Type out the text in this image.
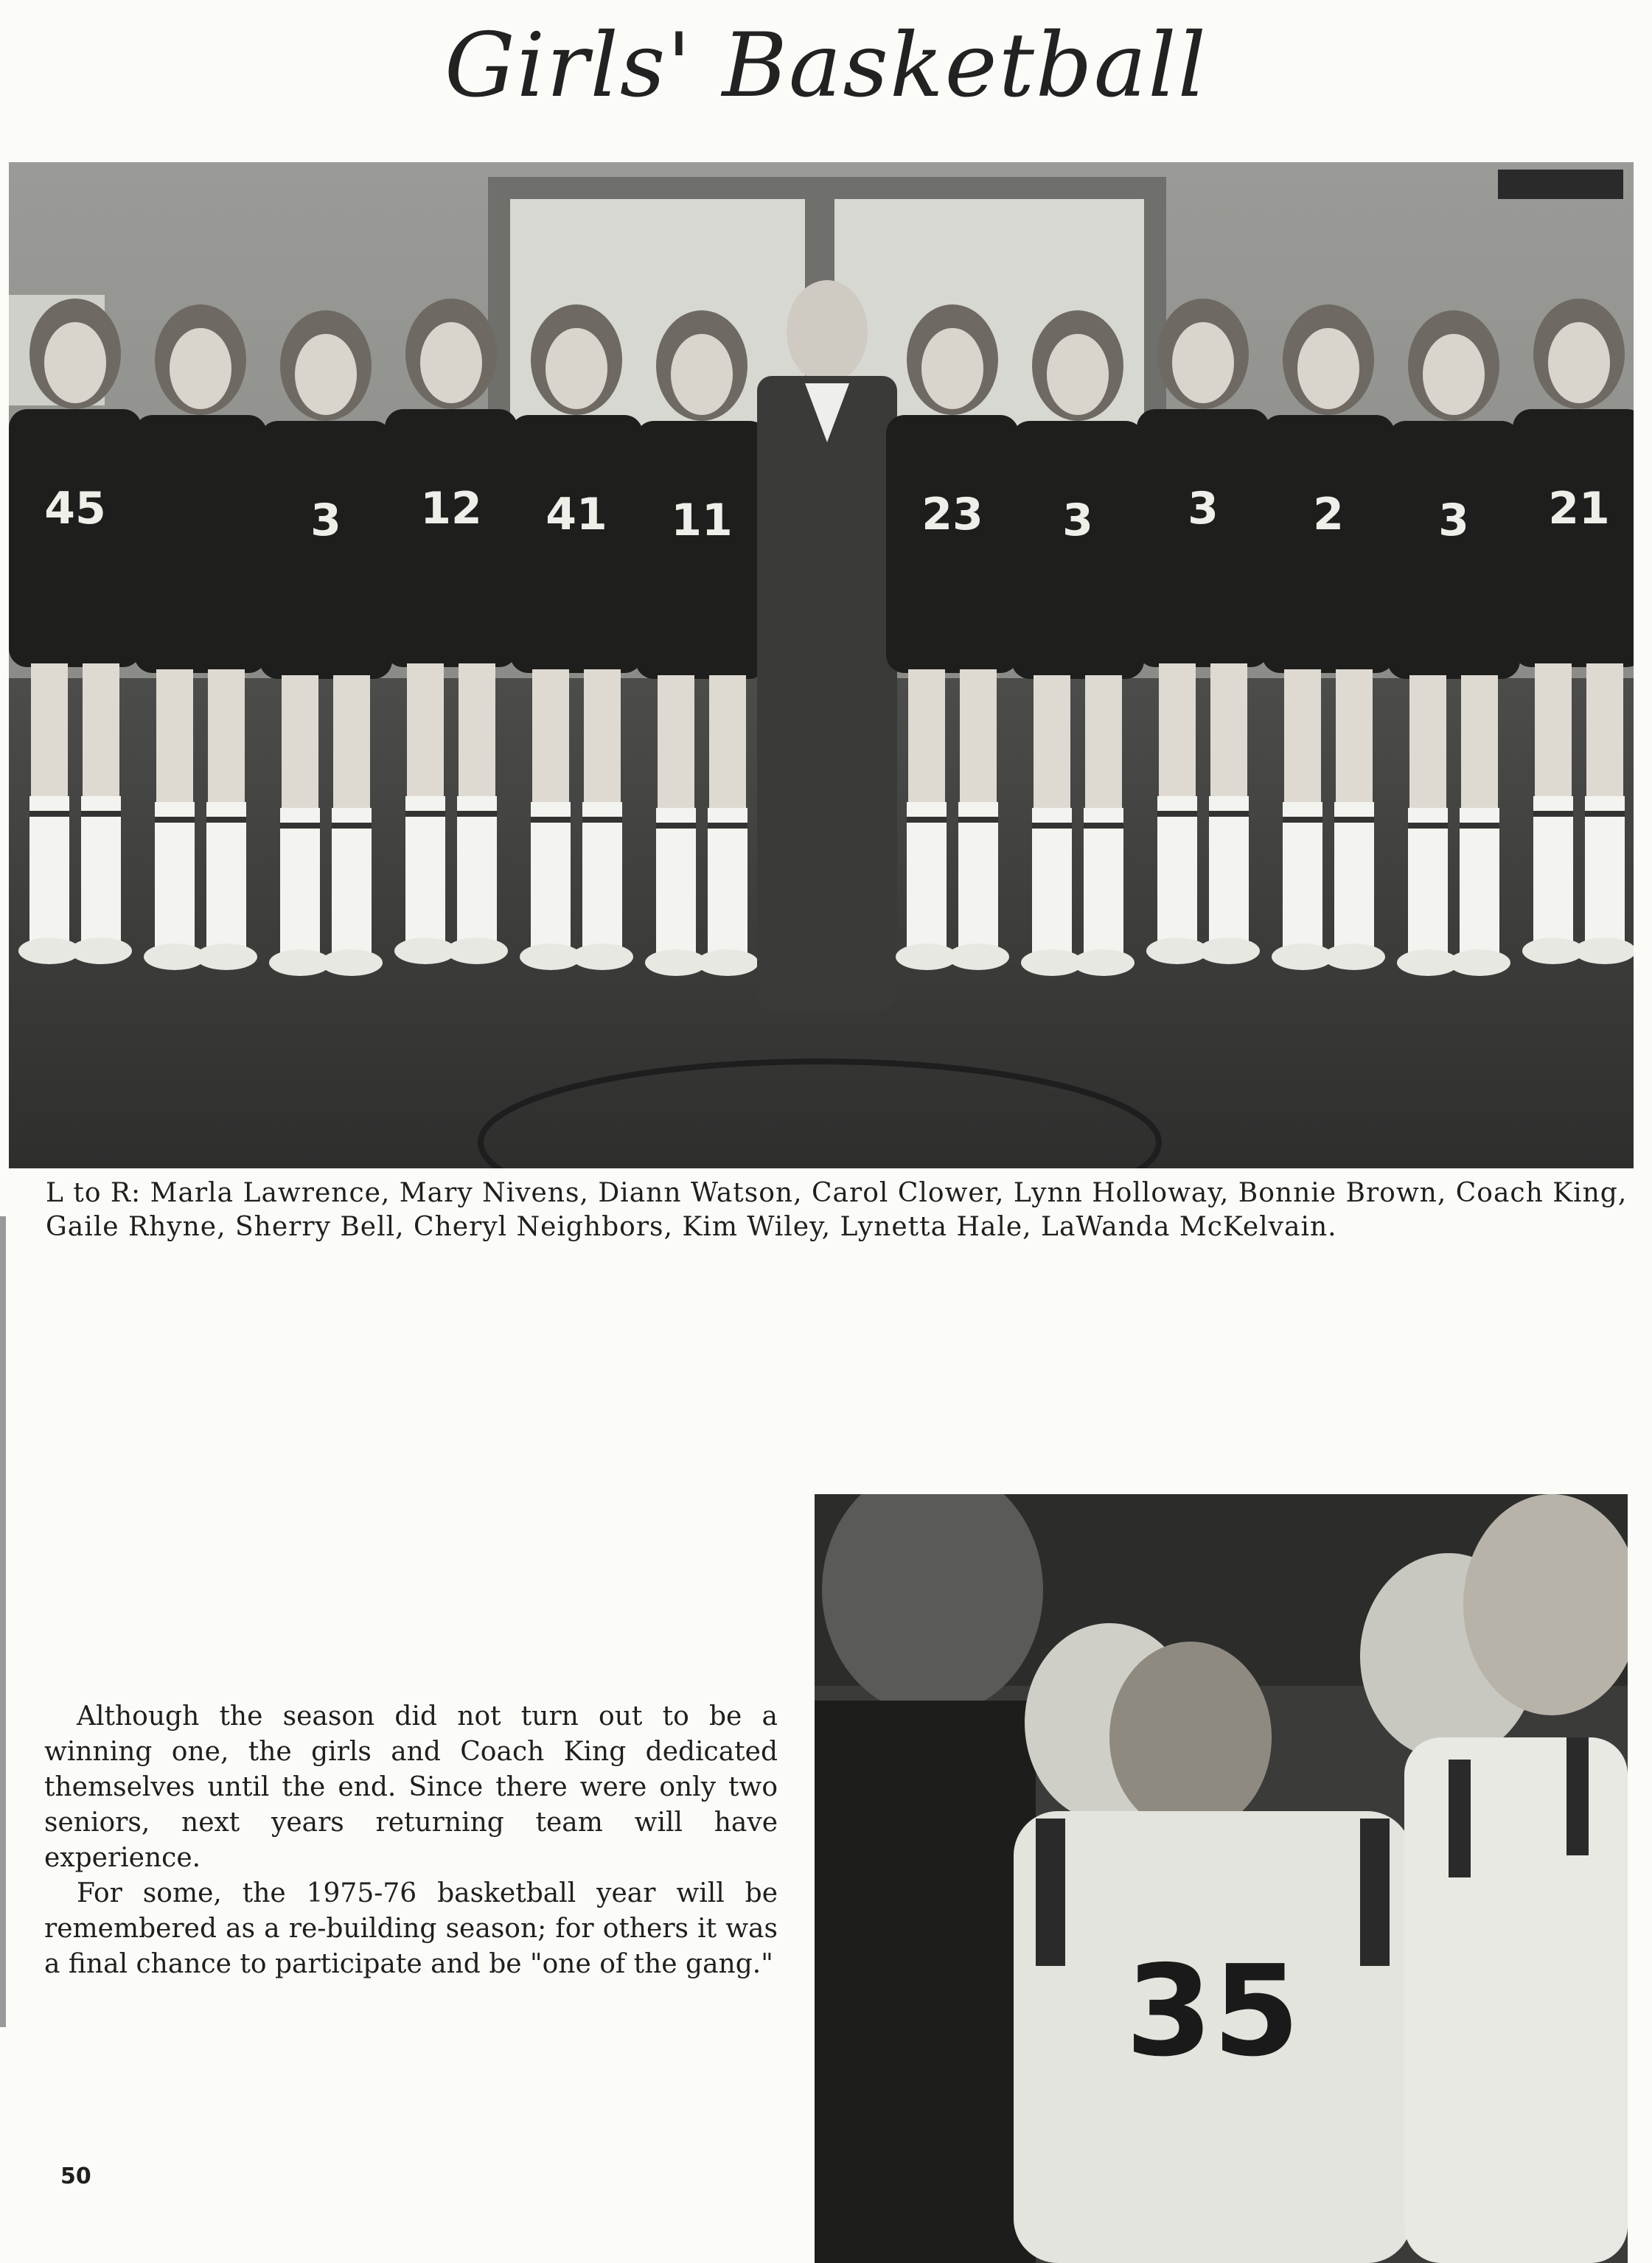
Girls' Basketball
45	3 12 41 11	23 3 3 2 3 21
L to R: Marla Lawrence, Mary Nivens, Diann Watson, Carol Clower, Lynn Holloway, Bonnie Brown, Coach King, Gaile Rhyne, Sherry Bell, Cheryl Neighbors, Kim Wiley, Lynetta Hale, LaWanda McKelvain.

Although the season did not turn out to be a winning one, the girls and Coach King dedicated themselves until the end. Since there were only two seniors, next years returning team will have experience.

For some, the 1975-76 basketball year will be remembered as a re-building season; for others it was a final chance to participate and be "one of the gang."	35
50
